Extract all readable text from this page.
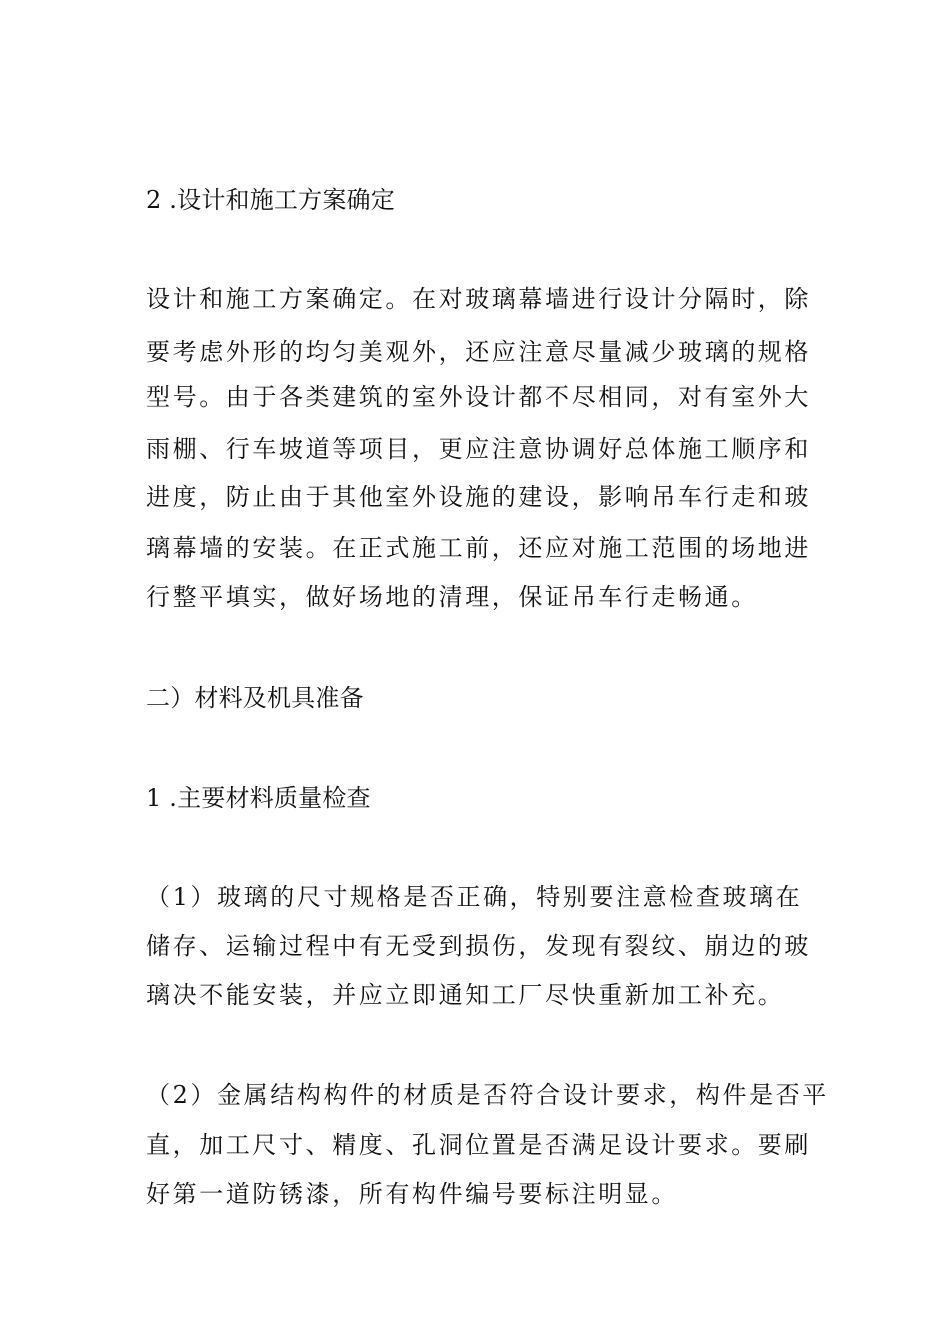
2 .设计和施工方案确定
设计和施工方案确定。在对玻璃幕墙进行设计分隔时，除
要考虑外形的均匀美观外，还应注意尽量减少玻璃的规格
型号。由于各类建筑的室外设计都不尽相同，对有室外大
雨棚、行车坡道等项目，更应注意协调好总体施工顺序和
进度，防止由于其他室外设施的建设，影响吊车行走和玻
璃幕墙的安装。在正式施工前，还应对施工范围的场地进
行整平填实，做好场地的清理，保证吊车行走畅通。
二）材料及机具准备
1 .主要材料质量检查
（1）玻璃的尺寸规格是否正确，特别要注意检查玻璃在
储存、运输过程中有无受到损伤，发现有裂纹、崩边的玻
璃决不能安装，并应立即通知工厂尽快重新加工补充。
（2）金属结构构件的材质是否符合设计要求，构件是否平
直，加工尺寸、精度、孔洞位置是否满足设计要求。要刷
好第一道防锈漆，所有构件编号要标注明显。
